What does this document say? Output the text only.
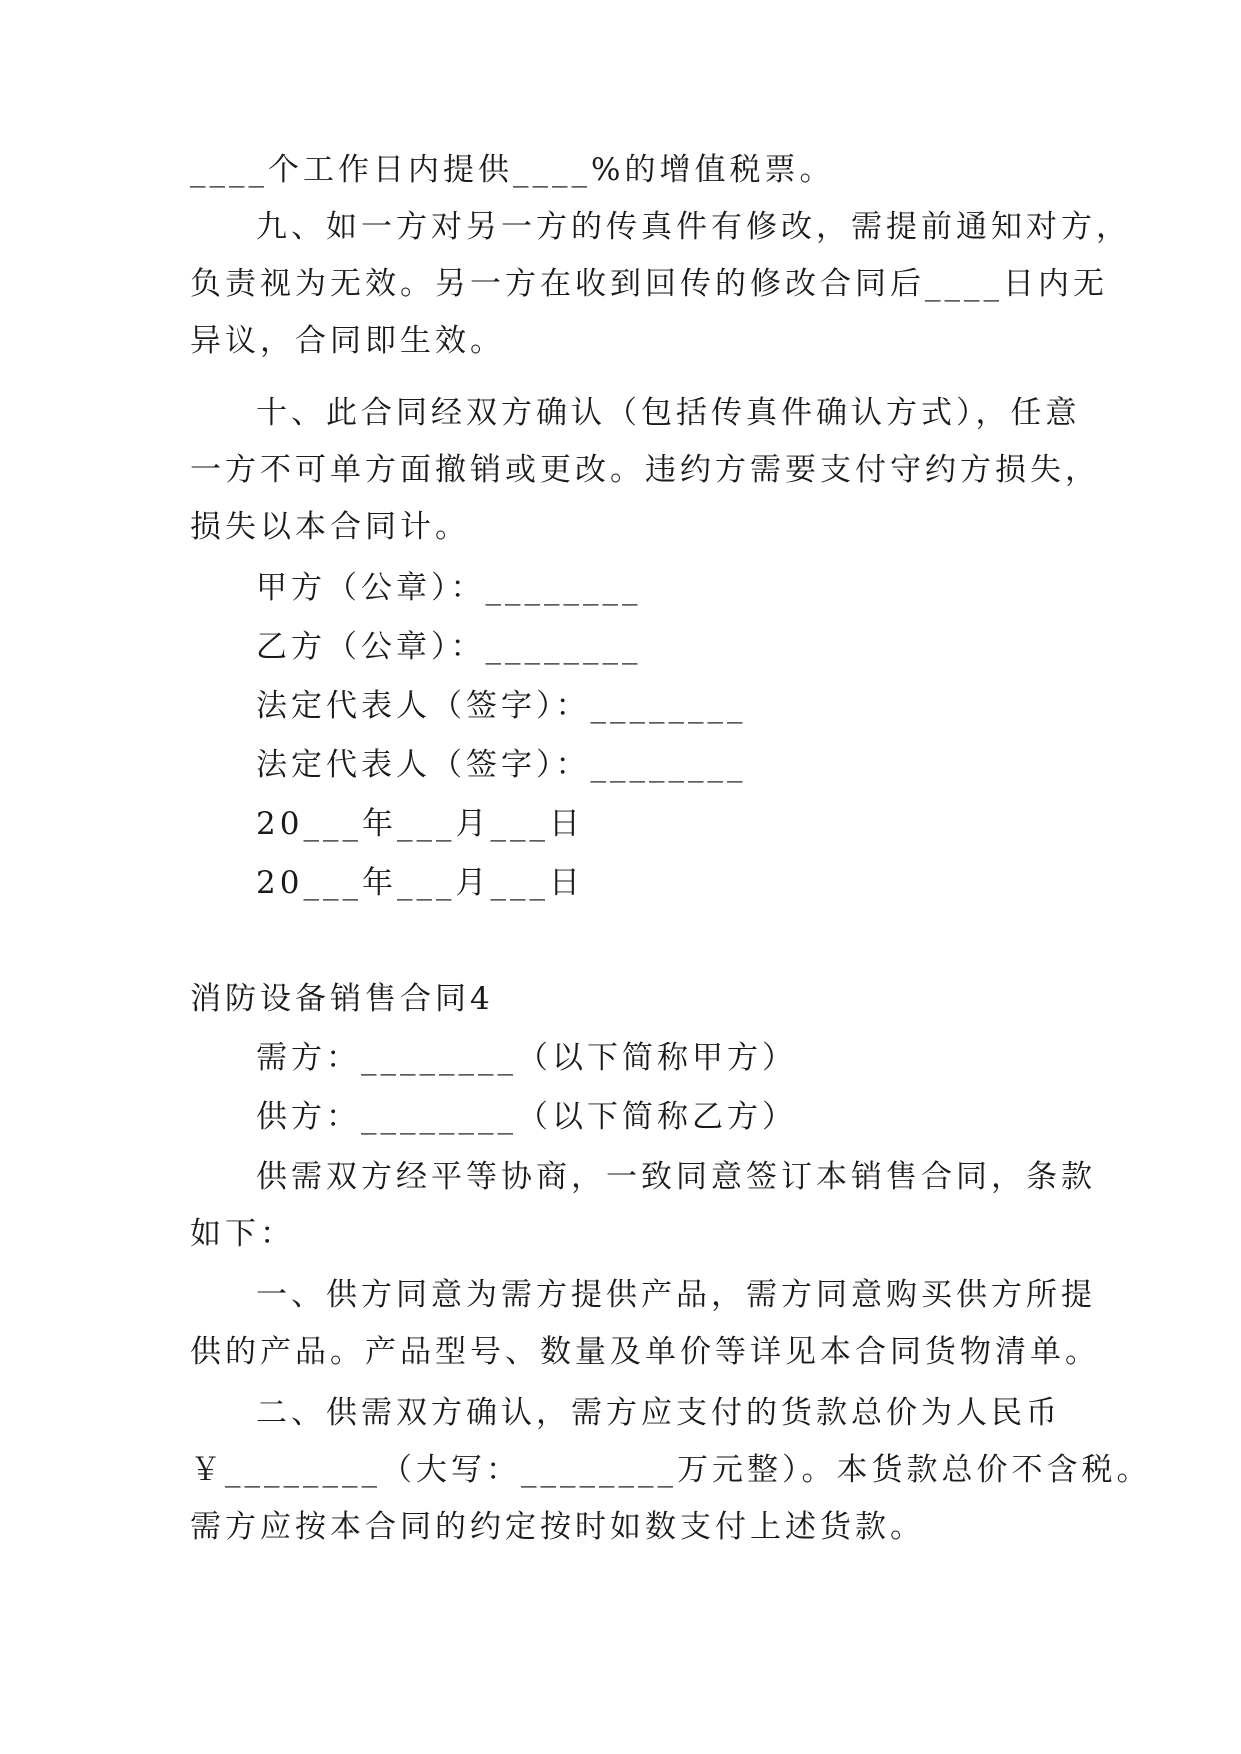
____个工作日内提供____%的增值税票。

九、如一方对另一方的传真件有修改，需提前通知对方，

负责视为无效。另一方在收到回传的修改合同后____日内无

异议，合同即生效。

十、此合同经双方确认（包括传真件确认方式），任意

一方不可单方面撤销或更改。违约方需要支付守约方损失，

损失以本合同计。

甲方（公章）：________

乙方（公章）：________

法定代表人（签字）：________

法定代表人（签字）：________

20___年___月___日

20___年___月___日

消防设备销售合同4

需方：________（以下简称甲方）

供方：________（以下简称乙方）

供需双方经平等协商，一致同意签订本销售合同，条款

如下：

一、供方同意为需方提供产品，需方同意购买供方所提

供的产品。产品型号、数量及单价等详见本合同货物清单。

二、供需双方确认，需方应支付的货款总价为人民币

￥________（大写：________万元整）。本货款总价不含税。

需方应按本合同的约定按时如数支付上述货款。
